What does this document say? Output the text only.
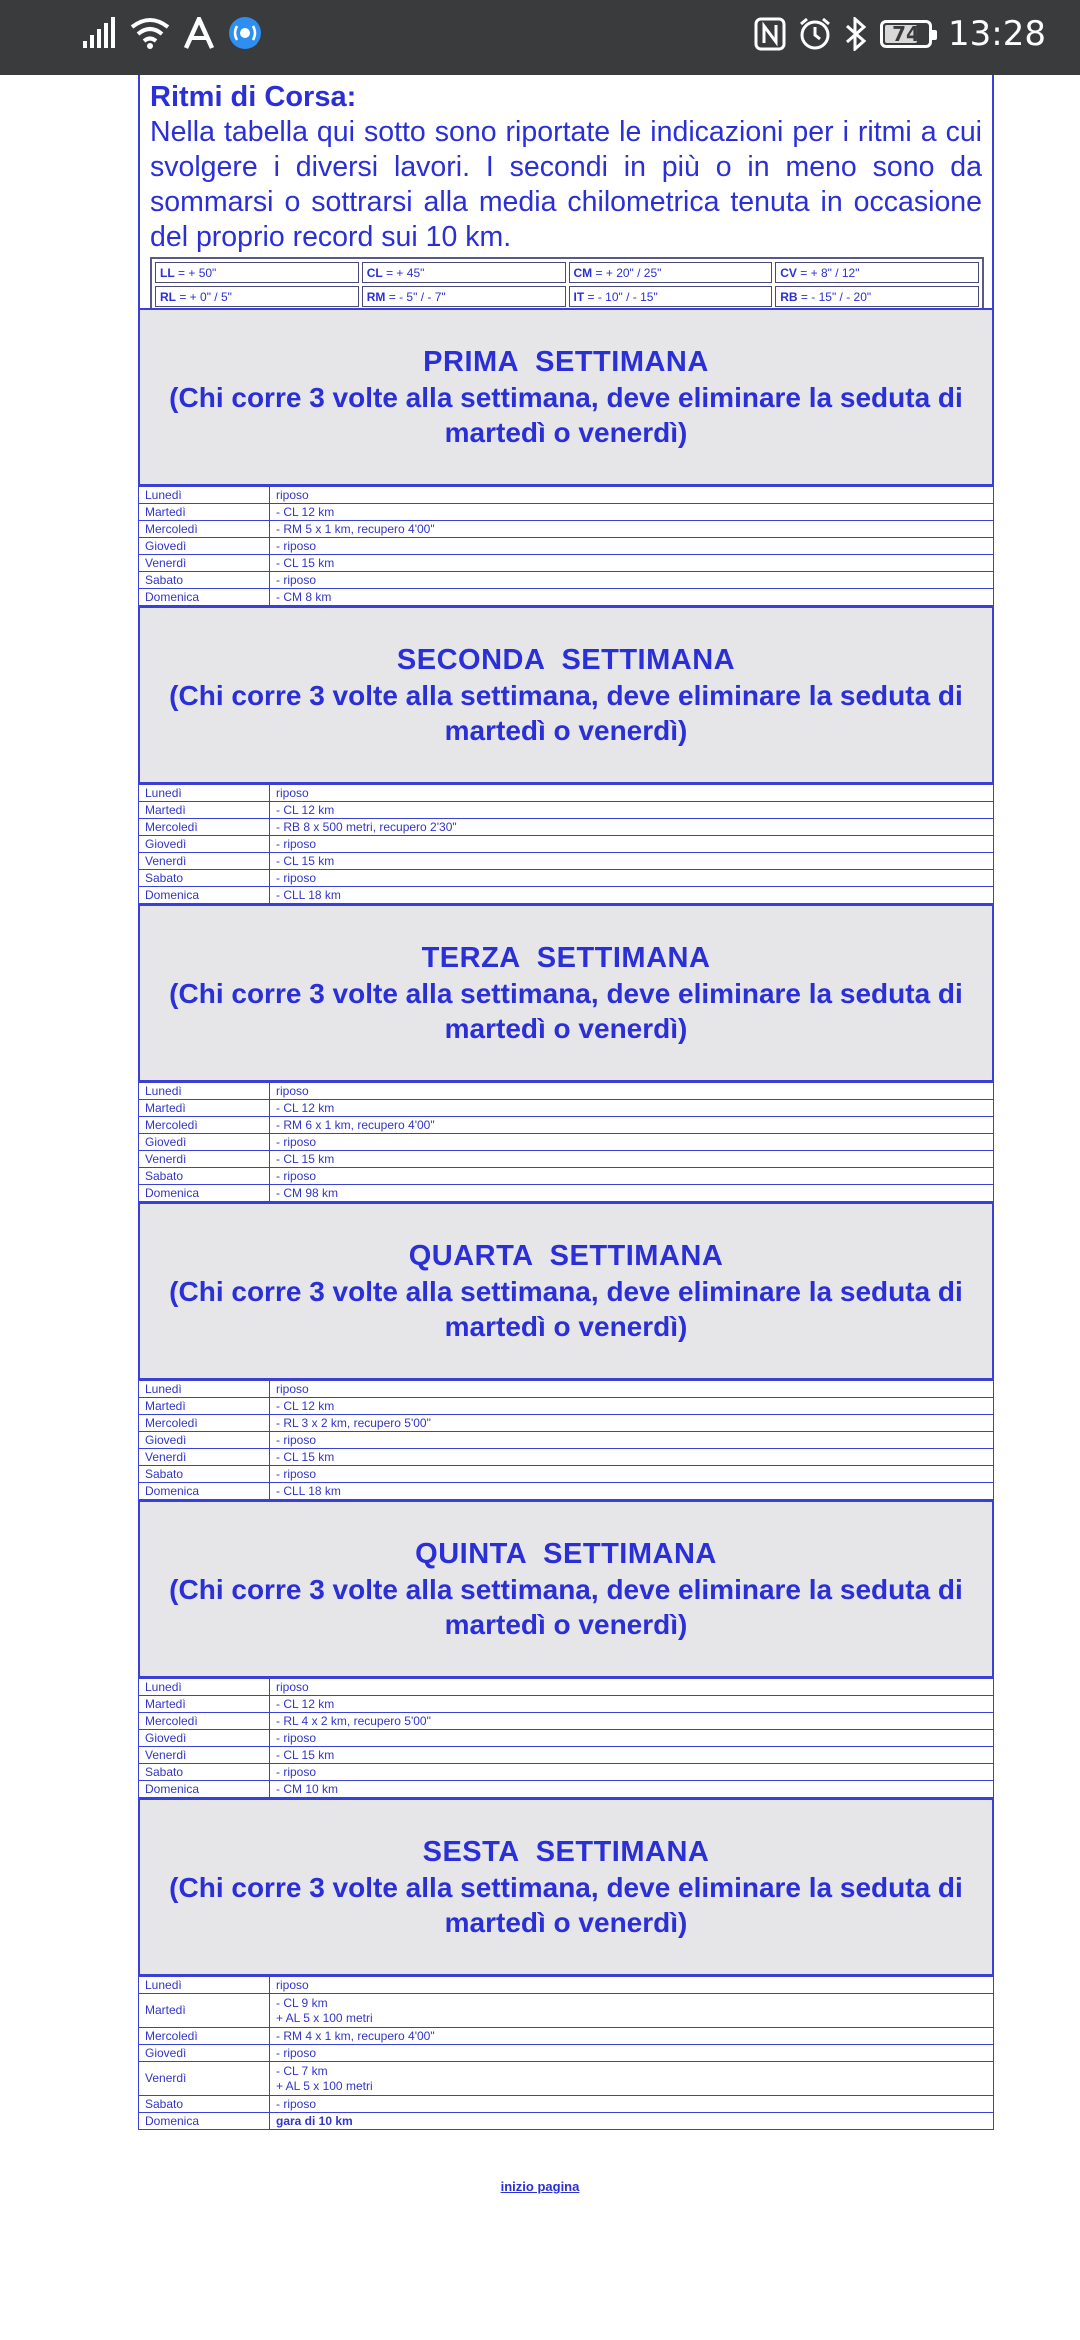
74 13:28
Ritmi di Corsa:

Nella tabella qui sotto sono riportate le indicazioni per i ritmi a cui svolgere i diversi lavori. I secondi in più o in meno sono da sommarsi o sottrarsi alla media chilometrica tenuta in occasione del proprio record sui 10 km.

LL = + 50"	CL = + 45"	CM = + 20" / 25"	CV = + 8" / 12"
RL = + 0" / 5"	RM = - 5" / - 7"	IT = - 10" / - 15"	RB = - 15" / - 20"
PRIMA  SETTIMANA
(Chi corre 3 volte alla settimana, deve eliminare la seduta di martedì o venerdì)
Lunedì	riposo

Martedì	- CL 12 km

Mercoledì	- RM 5 x 1 km, recupero 4'00"

Giovedì	- riposo

Venerdì	- CL 15 km

Sabato	- riposo

Domenica	- CM 8 km
SECONDA  SETTIMANA
(Chi corre 3 volte alla settimana, deve eliminare la seduta di martedì o venerdì)
Lunedì	riposo

Martedì	- CL 12 km

Mercoledì	- RB 8 x 500 metri, recupero 2'30"

Giovedì	- riposo

Venerdì	- CL 15 km

Sabato	- riposo

Domenica	- CLL 18 km
TERZA  SETTIMANA
(Chi corre 3 volte alla settimana, deve eliminare la seduta di martedì o venerdì)
Lunedì	riposo

Martedì	- CL 12 km

Mercoledì	- RM 6 x 1 km, recupero 4'00"

Giovedì	- riposo

Venerdì	- CL 15 km

Sabato	- riposo

Domenica	- CM 98 km
QUARTA  SETTIMANA
(Chi corre 3 volte alla settimana, deve eliminare la seduta di martedì o venerdì)
Lunedì	riposo

Martedì	- CL 12 km

Mercoledì	- RL 3 x 2 km, recupero 5'00"

Giovedì	- riposo

Venerdì	- CL 15 km

Sabato	- riposo

Domenica	- CLL 18 km
QUINTA  SETTIMANA
(Chi corre 3 volte alla settimana, deve eliminare la seduta di martedì o venerdì)
Lunedì	riposo

Martedì	- CL 12 km

Mercoledì	- RL 4 x 2 km, recupero 5'00"

Giovedì	- riposo

Venerdì	- CL 15 km

Sabato	- riposo

Domenica	- CM 10 km
SESTA  SETTIMANA
(Chi corre 3 volte alla settimana, deve eliminare la seduta di martedì o venerdì)
Lunedì	riposo

Martedì	- CL 9 km
+ AL 5 x 100 metri

Mercoledì	- RM 4 x 1 km, recupero 4'00"

Giovedì	- riposo

Venerdì	- CL 7 km
+ AL 5 x 100 metri

Sabato	- riposo

Domenica	gara di 10 km
inizio pagina
